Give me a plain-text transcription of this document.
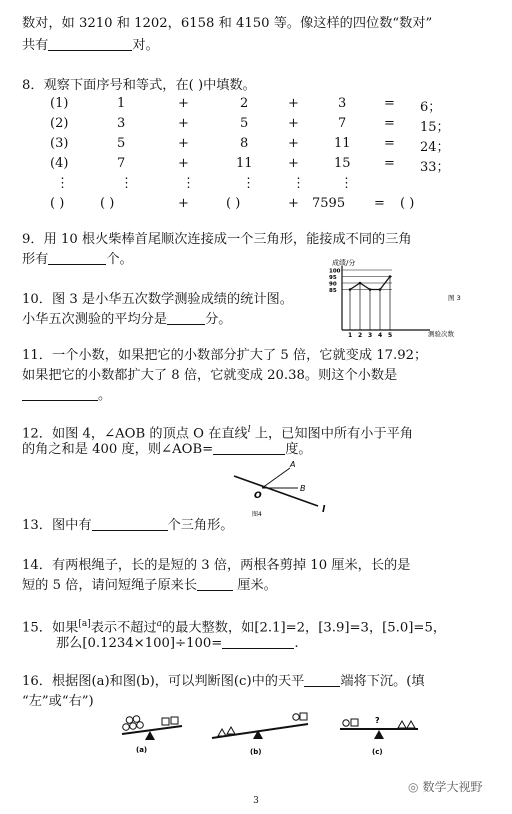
数对，如 3210 和 1202，6158 和 4150 等。像这样的四位数“数对”
共有	对。
8．观察下面序号和等式，在( )中填数。
(1)	1	+	2	+	3	= 6；
(2)	3	+	5	+	7	= 15；
(3)	5	+	8	+	11	= 24；
(4)	7	+	11	+	15	= 33；
⋮	⋮	⋮	⋮	⋮	⋮
( )	( )	+	( )	+ 7595 = ( )
9．用 10 根火柴棒首尾顺次连接成一个三角形，能接成不同的三角
形有	个。
10．图 3 是小华五次数学测验成绩的统计图。
小华五次测验的平均分是	分。
成绩/分
测验次数
图 3
100
95
90
85
1 2 3 4 5
11．一个小数，如果把它的小数部分扩大了 5 倍，它就变成 17.92；
如果把它的小数都扩大了 8 倍，它就变成 20.38。则这个小数是
。
12．如图 4，∠AOB 的顶点 O 在直线$^l$ 上，已知图中所有小于平角
的角之和是 400 度，则∠AOB=	度。
A
B
O
l
图4
13．图中有	个三角形。
14．有两根绳子，长的是短的 3 倍，两根各剪掉 10 厘米，长的是
短的 5 倍，请问短绳子原来长	厘米。
15．如果[a]表示不超过$^a$的最大整数，如[2.1]=2，[3.9]=3，[5.0]=5，
那么[0.1234×100]÷100=	.
16．根据图(a)和图(b)，可以判断图(c)中的天平	端将下沉。(填
“左”或“右”)
(a)	(b)
?
(c)
◎ 数学大视野
3
